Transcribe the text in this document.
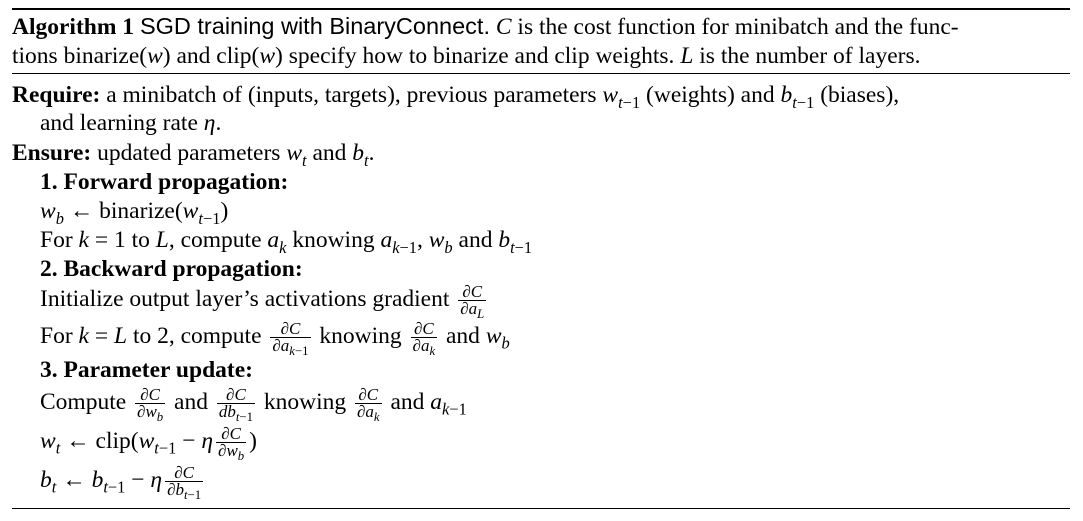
Algorithm 1 SGD training with BinaryConnect. C is the cost function for minibatch and the func-
tions binarize(w) and clip(w) specify how to binarize and clip weights. L is the number of layers.
Require: a minibatch of (inputs, targets), previous parameters $w_{t-1}$ (weights) and $b_{t-1}$ (biases),
and learning rate η.
Ensure: updated parameters $w_t$ and $b_t$.
1. Forward propagation:
$w_b$ ← $binarize(w_{t-1})$
For k = 1 to L, compute $a_k$ knowing $a_{k-1}$, $w_b$ and $b_{t-1}$
2. Backward propagation:
Initialize output layer’s activations gradient $\frac{\partial C}{\partial a_L}$
For k = L to 2, compute $\frac{\partial C}{\partial a_{k-1}}$ knowing $\frac{\partial C}{\partial a_k}$ and $w_b$
3. Parameter update:
Compute $\frac{\partial C}{\partial w_b}$ and $\frac{\partial C}{db_{t-1}}$ knowing $\frac{\partial C}{\partial a_k}$ and $a_{k-1}$
$w_t$ ← $clip(w_{t-1} - \eta \frac{\partial C}{\partial w_b}$ )
$b_t$ ← $b_{t-1} - \eta \frac{\partial C}{\partial b_{t-1}}$
